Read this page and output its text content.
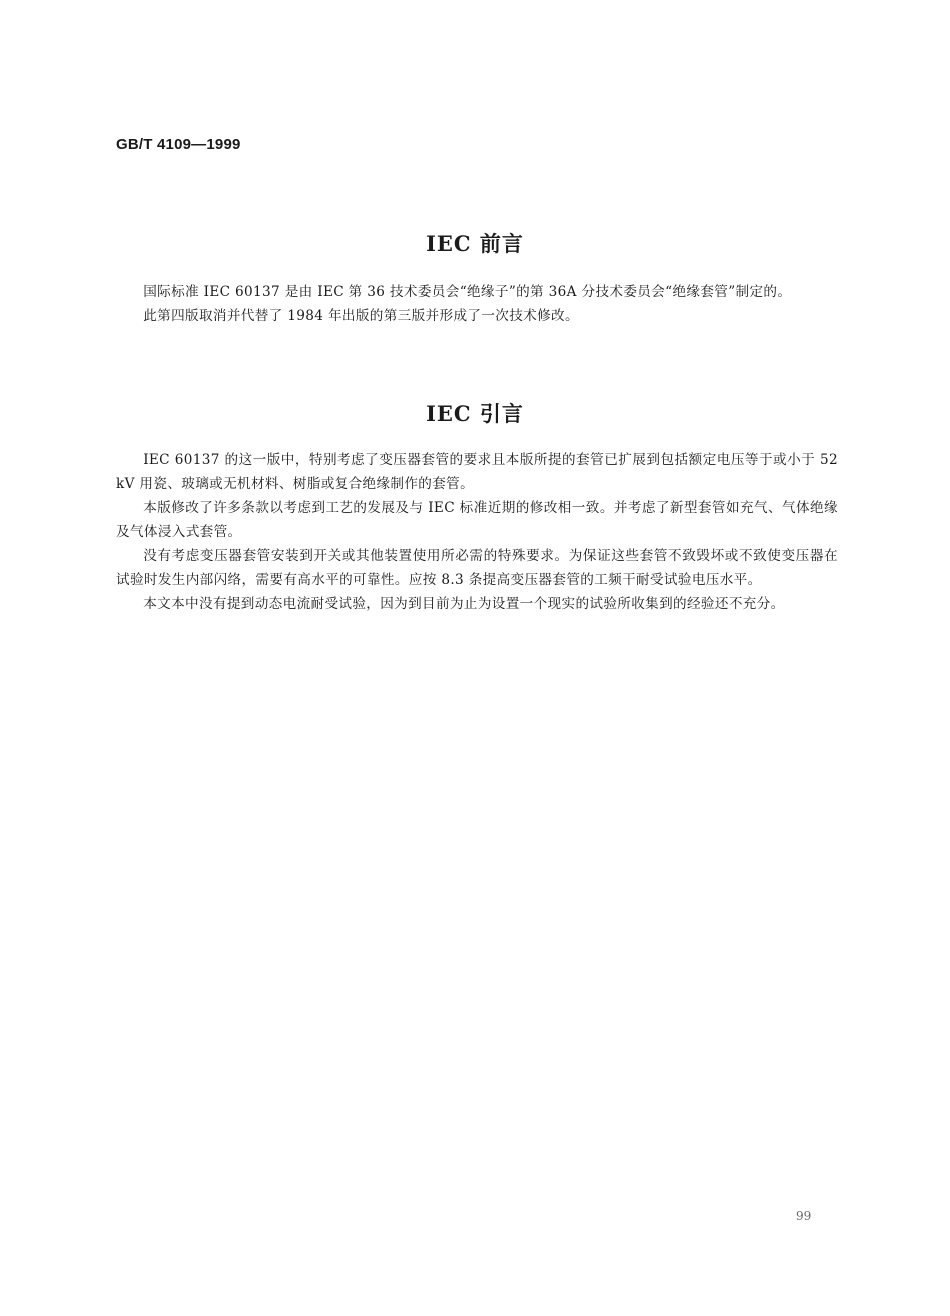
GB/T 4109—1999
IEC 前言

国际标准 IEC 60137 是由 IEC 第 36 技术委员会“绝缘子”的第 36A 分技术委员会“绝缘套管”制定的。

此第四版取消并代替了 1984 年出版的第三版并形成了一次技术修改。

IEC 引言

IEC 60137 的这一版中，特别考虑了变压器套管的要求且本版所提的套管已扩展到包括额定电压等于或小于 52 kV 用瓷、玻璃或无机材料、树脂或复合绝缘制作的套管。

本版修改了许多条款以考虑到工艺的发展及与 IEC 标准近期的修改相一致。并考虑了新型套管如充气、气体绝缘及气体浸入式套管。

没有考虑变压器套管安装到开关或其他装置使用所必需的特殊要求。为保证这些套管不致毁坏或不致使变压器在试验时发生内部闪络，需要有高水平的可靠性。应按 8.3 条提高变压器套管的工频干耐受试验电压水平。

本文本中没有提到动态电流耐受试验，因为到目前为止为设置一个现实的试验所收集到的经验还不充分。

99
